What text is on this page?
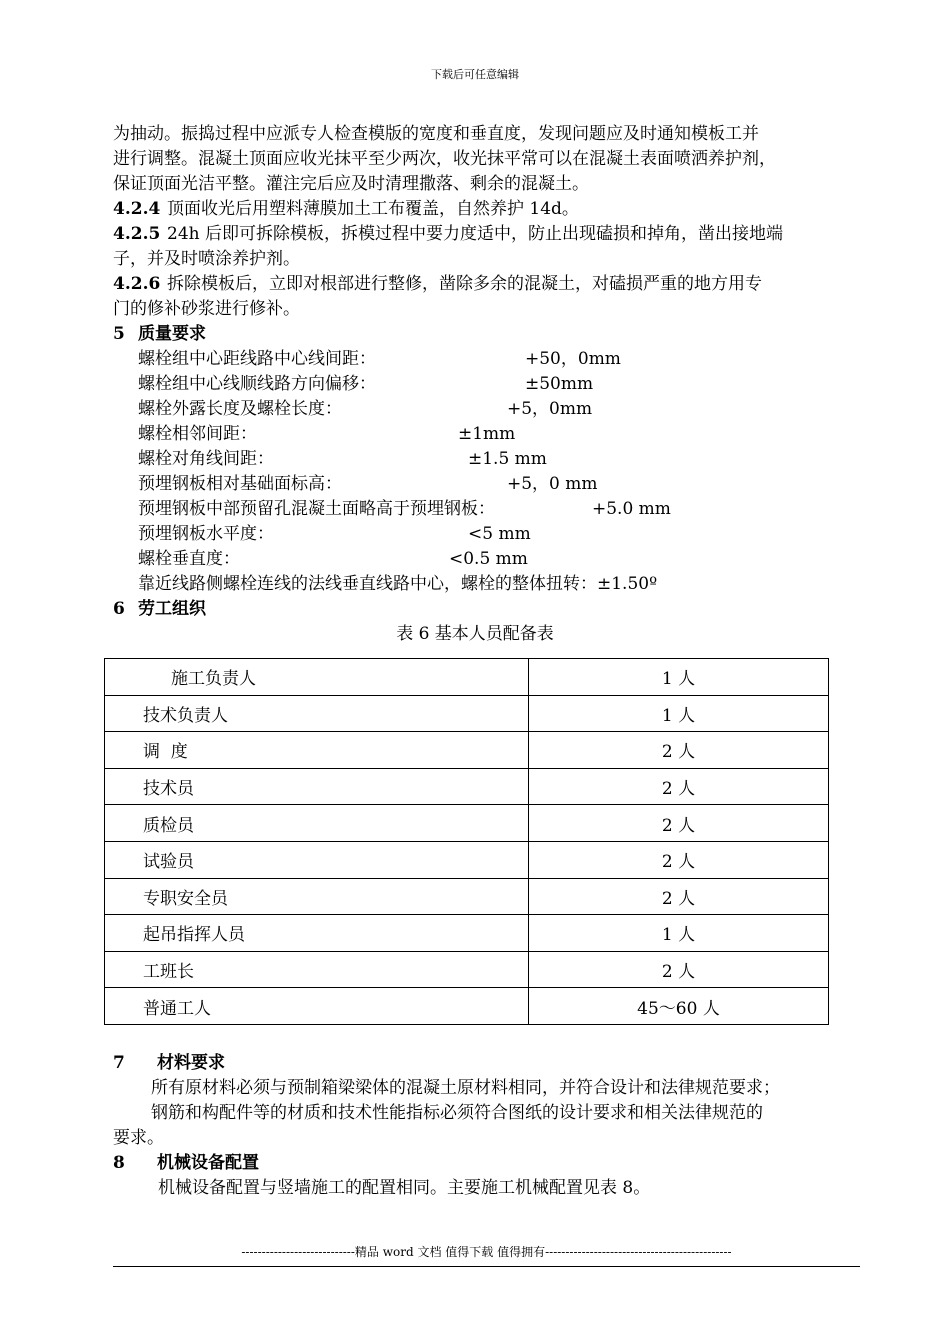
下载后可任意编辑
为抽动。振捣过程中应派专人检查模版的宽度和垂直度，发现问题应及时通知模板工并
进行调整。混凝土顶面应收光抹平至少两次，收光抹平常可以在混凝土表面喷洒养护剂，
保证顶面光洁平整。灌注完后应及时清理撒落、剩余的混凝土。
4.2.4 顶面收光后用塑料薄膜加土工布覆盖，自然养护 14d。
4.2.5 24h 后即可拆除模板，拆模过程中要力度适中，防止出现磕损和掉角，凿出接地端
子，并及时喷涂养护剂。
4.2.6 拆除模板后，立即对根部进行整修，凿除多余的混凝土，对磕损严重的地方用专
门的修补砂浆进行修补。
5 质量要求
螺栓组中心距线路中心线间距：	+50，0mm
螺栓组中心线顺线路方向偏移：	±50mm
螺栓外露长度及螺栓长度：	+5，0mm
螺栓相邻间距：	±1mm
螺栓对角线间距：	±1.5 mm
预埋钢板相对基础面标高：	+5，0 mm
预埋钢板中部预留孔混凝土面略高于预埋钢板：	+5.0 mm
预埋钢板水平度：	<5 mm
螺栓垂直度：	<0.5 mm
靠近线路侧螺栓连线的法线垂直线路中心，螺栓的整体扭转：±1.50º
6 劳工组织
表 6 基本人员配备表
施工负责人	1 人
技术负责人	1 人
调  度	2 人
技术员	2 人
质检员	2 人
试验员	2 人
专职安全员	2 人
起吊指挥人员	1 人
工班长	2 人
普通工人	45～60 人
7 材料要求
所有原材料必须与预制箱梁梁体的混凝土原材料相同，并符合设计和法律规范要求；
钢筋和构配件等的材质和技术性能指标必须符合图纸的设计要求和相关法律规范的
要求。
8 机械设备配置
机械设备配置与竖墙施工的配置相同。主要施工机械配置见表 8。
----------------------------精品 word 文档 值得下载 值得拥有----------------------------------------------
